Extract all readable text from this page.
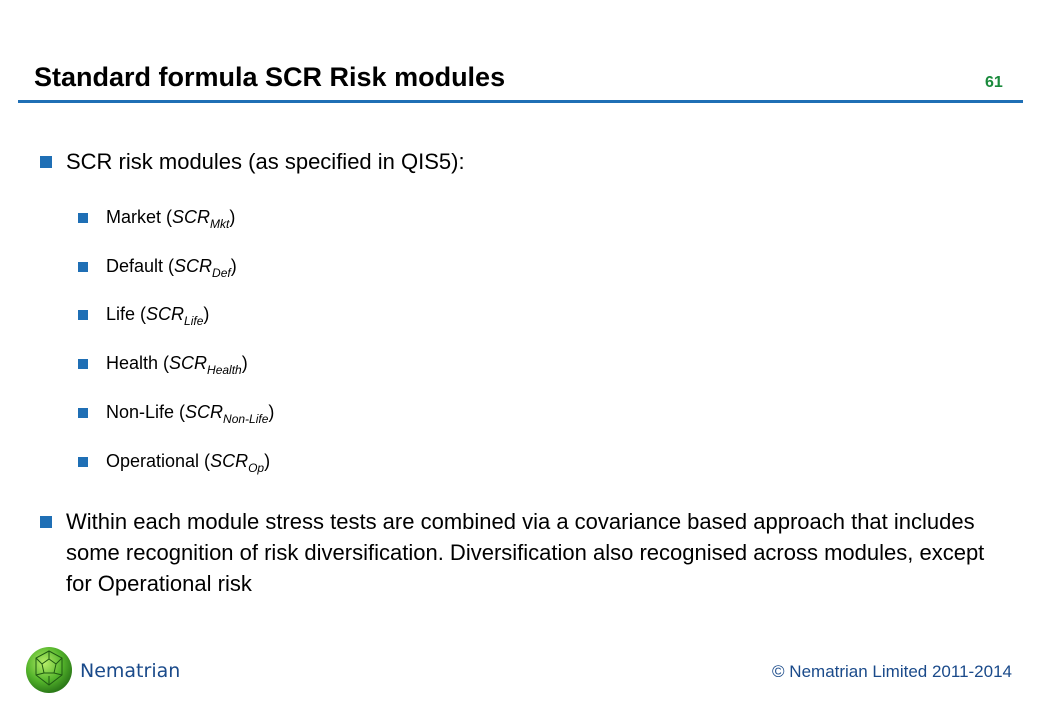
Standard formula SCR Risk modules	61
SCR risk modules (as specified in QIS5):
Market $(SCR_{Mkt})$
Default $(SCR_{Def})$
Life $(SCR_{Life})$
Health $(SCR_{Health})$
Non-Life $(SCR_{Non-Life})$
Operational $(SCR_{Op})$
Within each module stress tests are combined via a covariance based approach that includes some recognition of risk diversification. Diversification also recognised across modules, except for Operational risk
Nematrian	© Nematrian Limited 2011-2014
